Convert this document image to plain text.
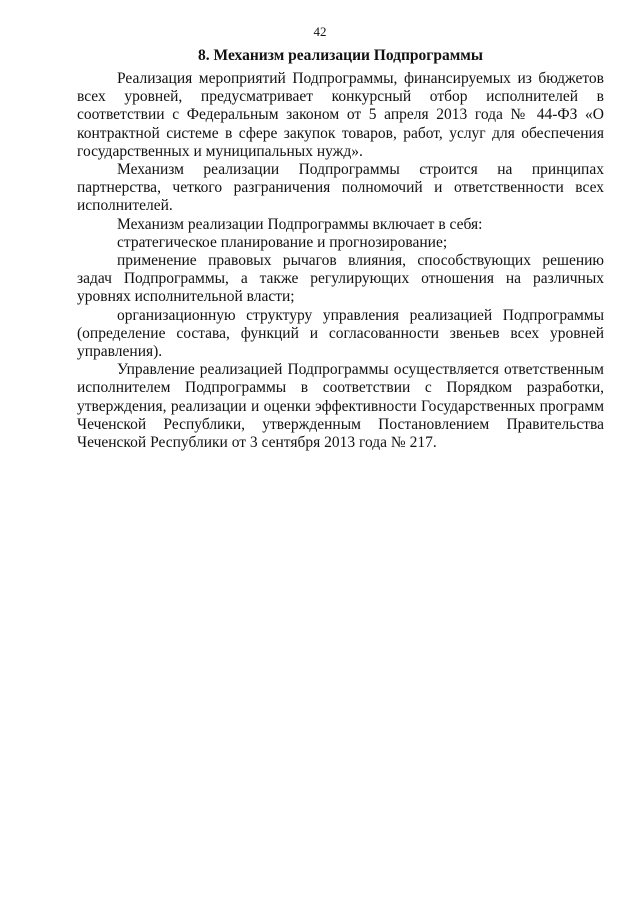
42
8. Механизм реализации Подпрограммы

Реализация мероприятий Подпрограммы, финансируемых из бюджетов всех уровней, предусматривает конкурсный отбор исполнителей в соответствии с Федеральным законом от 5 апреля 2013 года № 44-ФЗ «О контрактной системе в сфере закупок товаров, работ, услуг для обеспечения государственных и муниципальных нужд».

Механизм реализации Подпрограммы строится на принципах партнерства, четкого разграничения полномочий и ответственности всех исполнителей.

Механизм реализации Подпрограммы включает в себя:

стратегическое планирование и прогнозирование;

применение правовых рычагов влияния, способствующих решению задач Подпрограммы, а также регулирующих отношения на различных уровнях исполнительной власти;

организационную структуру управления реализацией Подпрограммы (определение состава, функций и согласованности звеньев всех уровней управления).

Управление реализацией Подпрограммы осуществляется ответственным исполнителем Подпрограммы в соответствии с Порядком разработки, утверждения, реализации и оценки эффективности Государственных программ Чеченской Республики, утвержденным Постановлением Правительства Чеченской Республики от 3 сентября 2013 года № 217.
